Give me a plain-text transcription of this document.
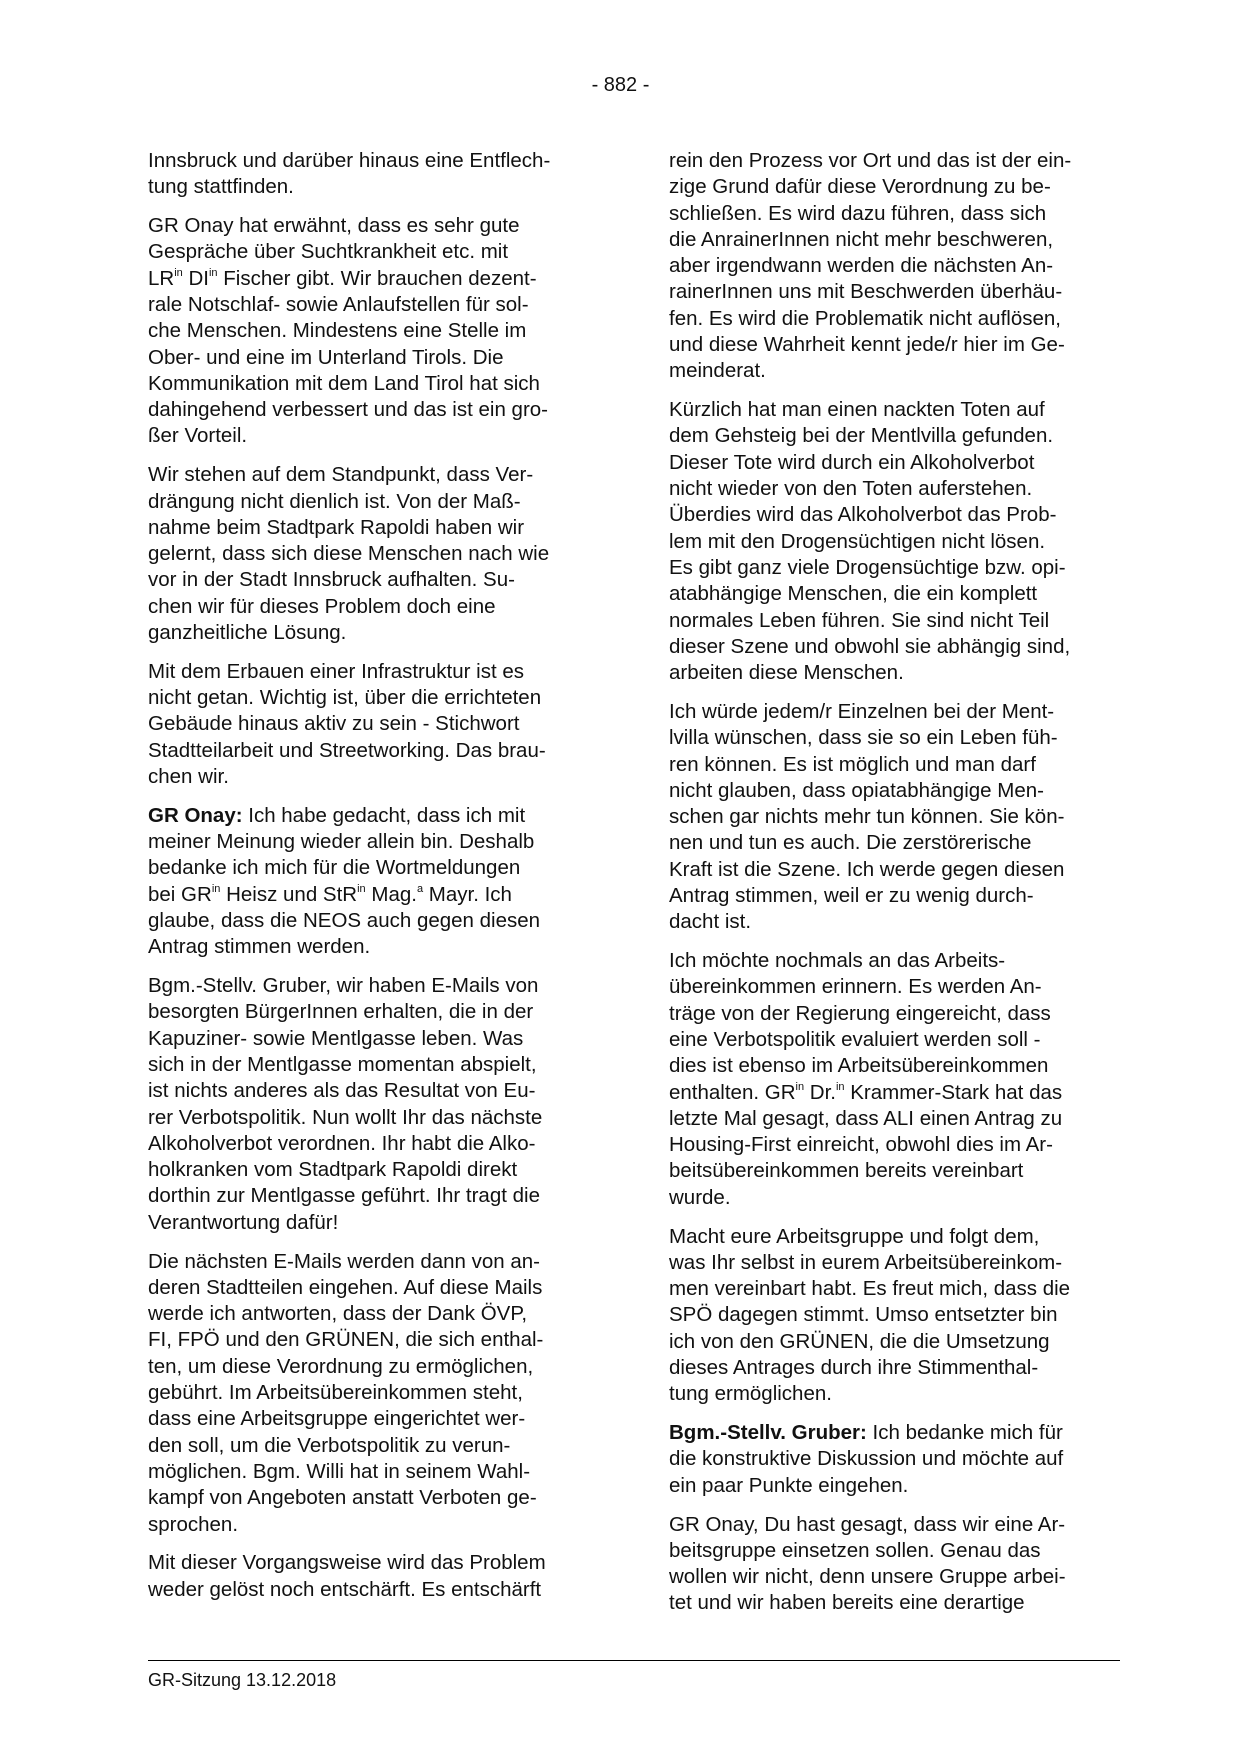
- 882 -

Innsbruck und darüber hinaus eine Entflech-
tung stattfinden.

GR Onay hat erwähnt, dass es sehr gute
Gespräche über Suchtkrankheit etc. mit
$LR^{in}$ $DI^{in}$ Fischer gibt. Wir brauchen dezent-
rale Notschlaf- sowie Anlaufstellen für sol-
che Menschen. Mindestens eine Stelle im
Ober- und eine im Unterland Tirols. Die
Kommunikation mit dem Land Tirol hat sich
dahingehend verbessert und das ist ein gro-
ßer Vorteil.

Wir stehen auf dem Standpunkt, dass Ver-
drängung nicht dienlich ist. Von der Maß-
nahme beim Stadtpark Rapoldi haben wir
gelernt, dass sich diese Menschen nach wie
vor in der Stadt Innsbruck aufhalten. Su-
chen wir für dieses Problem doch eine
ganzheitliche Lösung.

Mit dem Erbauen einer Infrastruktur ist es
nicht getan. Wichtig ist, über die errichteten
Gebäude hinaus aktiv zu sein - Stichwort
Stadtteilarbeit und Streetworking. Das brau-
chen wir.

GR Onay: Ich habe gedacht, dass ich mit
meiner Meinung wieder allein bin. Deshalb
bedanke ich mich für die Wortmeldungen
bei $GR^{in}$ Heisz und StR$^{in}$ Mag.$^a$ Mayr. Ich
glaube, dass die NEOS auch gegen diesen
Antrag stimmen werden.

Bgm.-Stellv. Gruber, wir haben E-Mails von
besorgten BürgerInnen erhalten, die in der
Kapuziner- sowie Mentlgasse leben. Was
sich in der Mentlgasse momentan abspielt,
ist nichts anderes als das Resultat von Eu-
rer Verbotspolitik. Nun wollt Ihr das nächste
Alkoholverbot verordnen. Ihr habt die Alko-
holkranken vom Stadtpark Rapoldi direkt
dorthin zur Mentlgasse geführt. Ihr tragt die
Verantwortung dafür!

Die nächsten E-Mails werden dann von an-
deren Stadtteilen eingehen. Auf diese Mails
werde ich antworten, dass der Dank ÖVP,
FI, FPÖ und den GRÜNEN, die sich enthal-
ten, um diese Verordnung zu ermöglichen,
gebührt. Im Arbeitsübereinkommen steht,
dass eine Arbeitsgruppe eingerichtet wer-
den soll, um die Verbotspolitik zu verun-
möglichen. Bgm. Willi hat in seinem Wahl-
kampf von Angeboten anstatt Verboten ge-
sprochen.

Mit dieser Vorgangsweise wird das Problem
weder gelöst noch entschärft. Es entschärft

rein den Prozess vor Ort und das ist der ein-
zige Grund dafür diese Verordnung zu be-
schließen. Es wird dazu führen, dass sich
die AnrainerInnen nicht mehr beschweren,
aber irgendwann werden die nächsten An-
rainerInnen uns mit Beschwerden überhäu-
fen. Es wird die Problematik nicht auflösen,
und diese Wahrheit kennt jede/r hier im Ge-
meinderat.

Kürzlich hat man einen nackten Toten auf
dem Gehsteig bei der Mentlvilla gefunden.
Dieser Tote wird durch ein Alkoholverbot
nicht wieder von den Toten auferstehen.
Überdies wird das Alkoholverbot das Prob-
lem mit den Drogensüchtigen nicht lösen.
Es gibt ganz viele Drogensüchtige bzw. opi-
atabhängige Menschen, die ein komplett
normales Leben führen. Sie sind nicht Teil
dieser Szene und obwohl sie abhängig sind,
arbeiten diese Menschen.

Ich würde jedem/r Einzelnen bei der Ment-
lvilla wünschen, dass sie so ein Leben füh-
ren können. Es ist möglich und man darf
nicht glauben, dass opiatabhängige Men-
schen gar nichts mehr tun können. Sie kön-
nen und tun es auch. Die zerstörerische
Kraft ist die Szene. Ich werde gegen diesen
Antrag stimmen, weil er zu wenig durch-
dacht ist.

Ich möchte nochmals an das Arbeits-
übereinkommen erinnern. Es werden An-
träge von der Regierung eingereicht, dass
eine Verbotspolitik evaluiert werden soll -
dies ist ebenso im Arbeitsübereinkommen
enthalten. $GR^{in}$ Dr.$^{in}$ Krammer-Stark hat das
letzte Mal gesagt, dass ALI einen Antrag zu
Housing-First einreicht, obwohl dies im Ar-
beitsübereinkommen bereits vereinbart
wurde.

Macht eure Arbeitsgruppe und folgt dem,
was Ihr selbst in eurem Arbeitsübereinkom-
men vereinbart habt. Es freut mich, dass die
SPÖ dagegen stimmt. Umso entsetzter bin
ich von den GRÜNEN, die die Umsetzung
dieses Antrages durch ihre Stimmenthal-
tung ermöglichen.

Bgm.-Stellv. Gruber: Ich bedanke mich für
die konstruktive Diskussion und möchte auf
ein paar Punkte eingehen.

GR Onay, Du hast gesagt, dass wir eine Ar-
beitsgruppe einsetzen sollen. Genau das
wollen wir nicht, denn unsere Gruppe arbei-
tet und wir haben bereits eine derartige

GR-Sitzung 13.12.2018
